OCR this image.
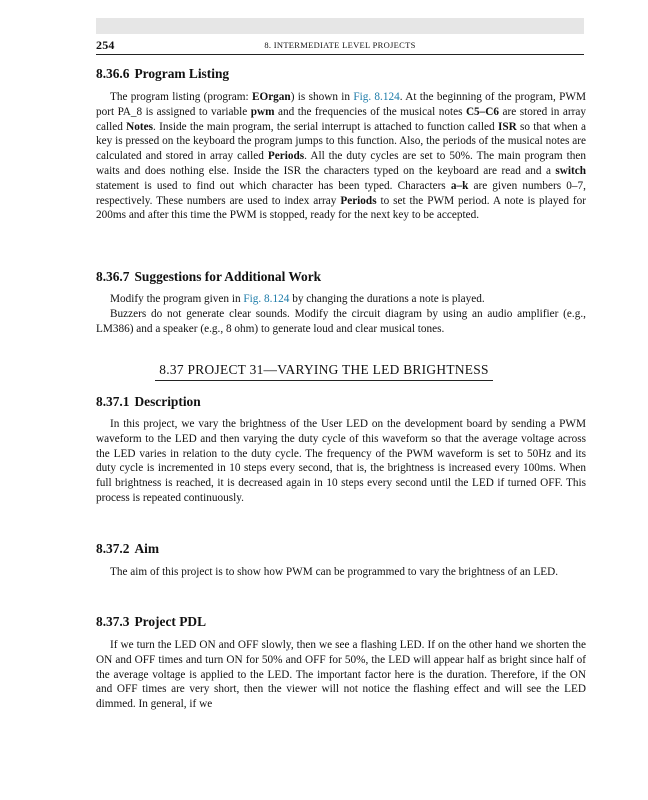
254	8. INTERMEDIATE LEVEL PROJECTS
8.36.6 Program Listing

The program listing (program: EOrgan) is shown in Fig. 8.124. At the beginning of the program, PWM port PA_8 is assigned to variable pwm and the frequencies of the musical notes C5–C6 are stored in array called Notes. Inside the main program, the serial interrupt is attached to function called ISR so that when a key is pressed on the keyboard the program jumps to this function. Also, the periods of the musical notes are calculated and stored in array called Periods. All the duty cycles are set to 50%. The main program then waits and does nothing else. Inside the ISR the characters typed on the keyboard are read and a switch statement is used to find out which character has been typed. Characters a–k are given numbers 0–7, respectively. These numbers are used to index array Periods to set the PWM period. A note is played for 200ms and after this time the PWM is stopped, ready for the next key to be accepted.

8.36.7 Suggestions for Additional Work

Modify the program given in Fig. 8.124 by changing the durations a note is played.

Buzzers do not generate clear sounds. Modify the circuit diagram by using an audio amplifier (e.g., LM386) and a speaker (e.g., 8 ohm) to generate loud and clear musical tones.

8.37 PROJECT 31—VARYING THE LED BRIGHTNESS
8.37.1 Description

In this project, we vary the brightness of the User LED on the development board by sending a PWM waveform to the LED and then varying the duty cycle of this waveform so that the average voltage across the LED varies in relation to the duty cycle. The frequency of the PWM waveform is set to 50Hz and its duty cycle is incremented in 10 steps every second, that is, the brightness is increased every 100ms. When full brightness is reached, it is decreased again in 10 steps every second until the LED if turned OFF. This process is repeated continuously.

8.37.2 Aim

The aim of this project is to show how PWM can be programmed to vary the brightness of an LED.

8.37.3 Project PDL

If we turn the LED ON and OFF slowly, then we see a flashing LED. If on the other hand we shorten the ON and OFF times and turn ON for 50% and OFF for 50%, the LED will appear half as bright since half of the average voltage is applied to the LED. The important factor here is the duration. Therefore, if the ON and OFF times are very short, then the viewer will not notice the flashing effect and will see the LED dimmed. In general, if we
